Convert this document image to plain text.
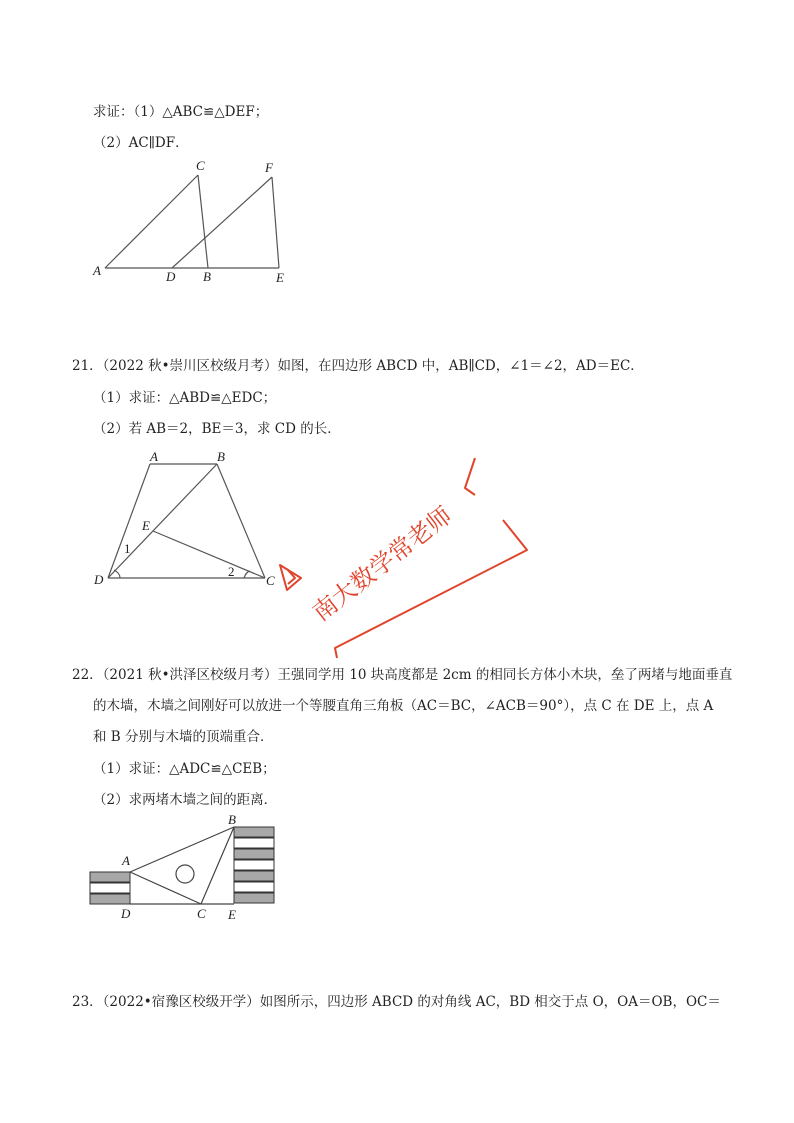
求证：（1）△ABC≌△DEF；
（2）AC∥DF．
A
C	F
D B	E
21．（2022 秋•崇川区校级月考）如图，在四边形 ABCD 中，AB∥CD，∠1＝∠2，AD＝EC．
（1）求证：△ABD≌△EDC；
（2）若 AB＝2，BE＝3，求 CD 的长．
A	B
E
1
2
D	C 南大数学常老师
22．（2021 秋•洪泽区校级月考）王强同学用 10 块高度都是 2cm 的相同长方体小木块，垒了两堵与地面垂直
的木墙，木墙之间刚好可以放进一个等腰直角三角板（AC＝BC，∠ACB＝90°），点 C 在 DE 上，点 A
和 B 分别与木墙的顶端重合．
（1）求证：△ADC≌△CEB；
（2）求两堵木墙之间的距离．
A
B
D	C E
23．（2022•宿豫区校级开学）如图所示，四边形 ABCD 的对角线 AC，BD 相交于点 O，OA＝OB，OC＝
